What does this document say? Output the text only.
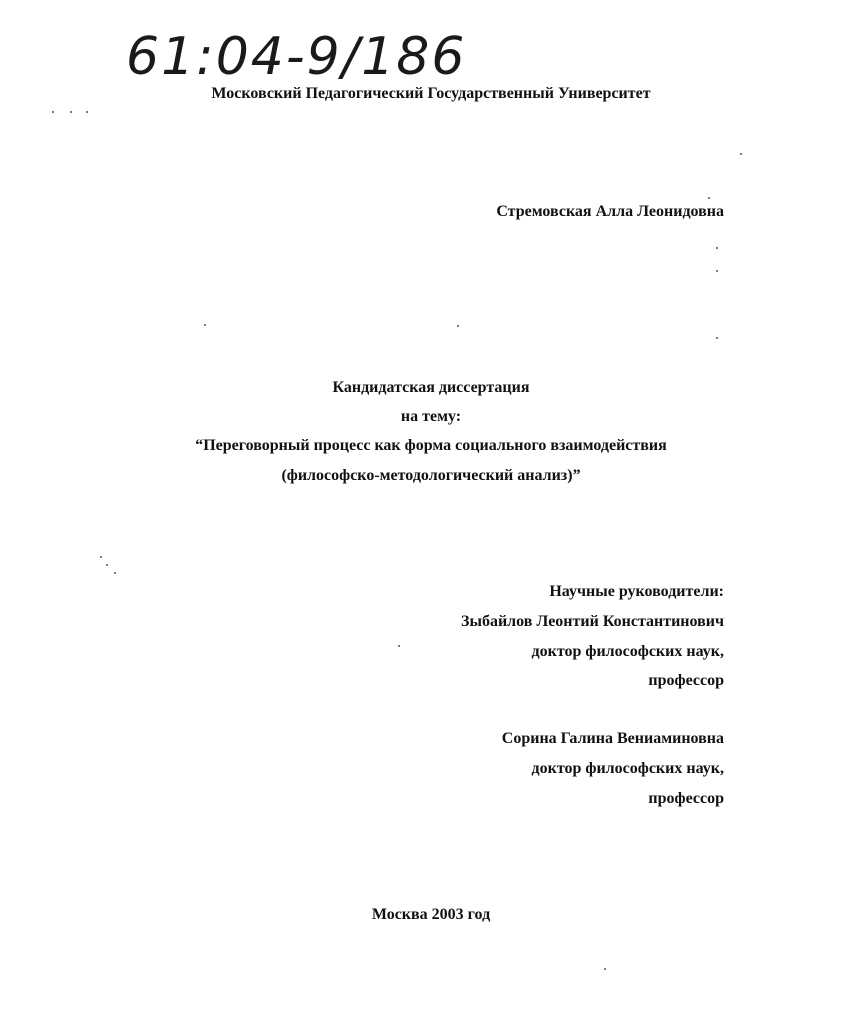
61:04-9/186
Московский Педагогический Государственный Университет
Стремовская Алла Леонидовна
Кандидатская диссертация
на тему:
“Переговорный процесс как форма социального взаимодействия
(философско-методологический анализ)”
Научные руководители:
Зыбайлов Леонтий Константинович
доктор философских наук,
профессор
Сорина Галина Вениаминовна
доктор философских наук,
профессор
Москва 2003 год
